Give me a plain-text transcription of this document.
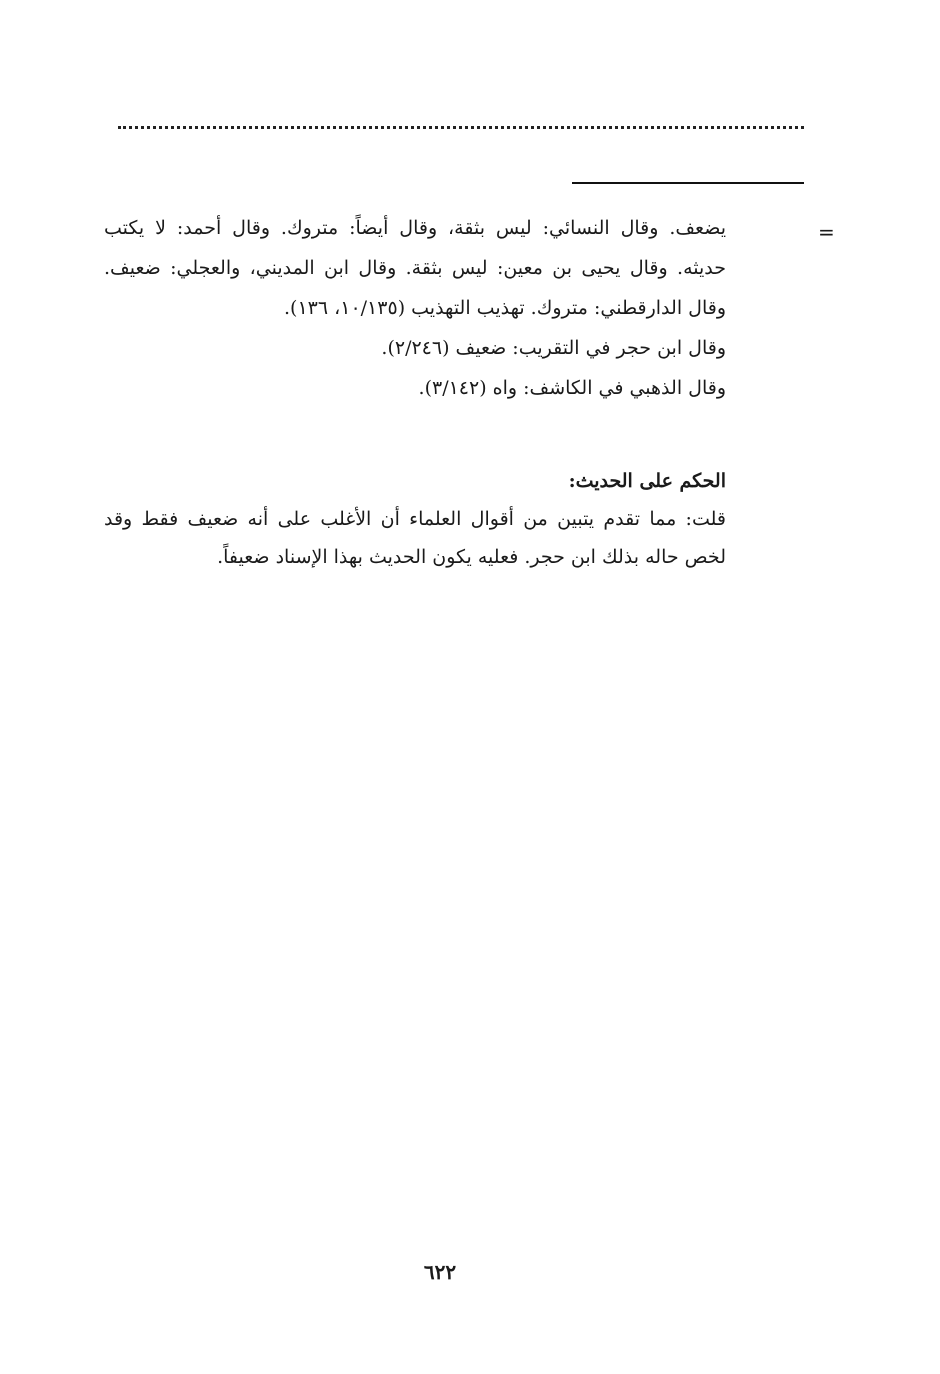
=

يضعف. وقال النسائي: ليس بثقة، وقال أيضاً: متروك. وقال أحمد: لا يكتب حديثه. وقال يحيى بن معين: ليس بثقة. وقال ابن المديني، والعجلي: ضعيف. وقال الدارقطني: متروك. تهذيب التهذيب (١٠/١٣٥، ١٣٦).

وقال ابن حجر في التقريب: ضعيف (٢/٢٤٦).

وقال الذهبي في الكاشف: واه (٣/١٤٢).

الحكم على الحديث:

قلت: مما تقدم يتبين من أقوال العلماء أن الأغلب على أنه ضعيف فقط وقد لخص حاله بذلك ابن حجر. فعليه يكون الحديث بهذا الإسناد ضعيفاً.

٦٢٢
